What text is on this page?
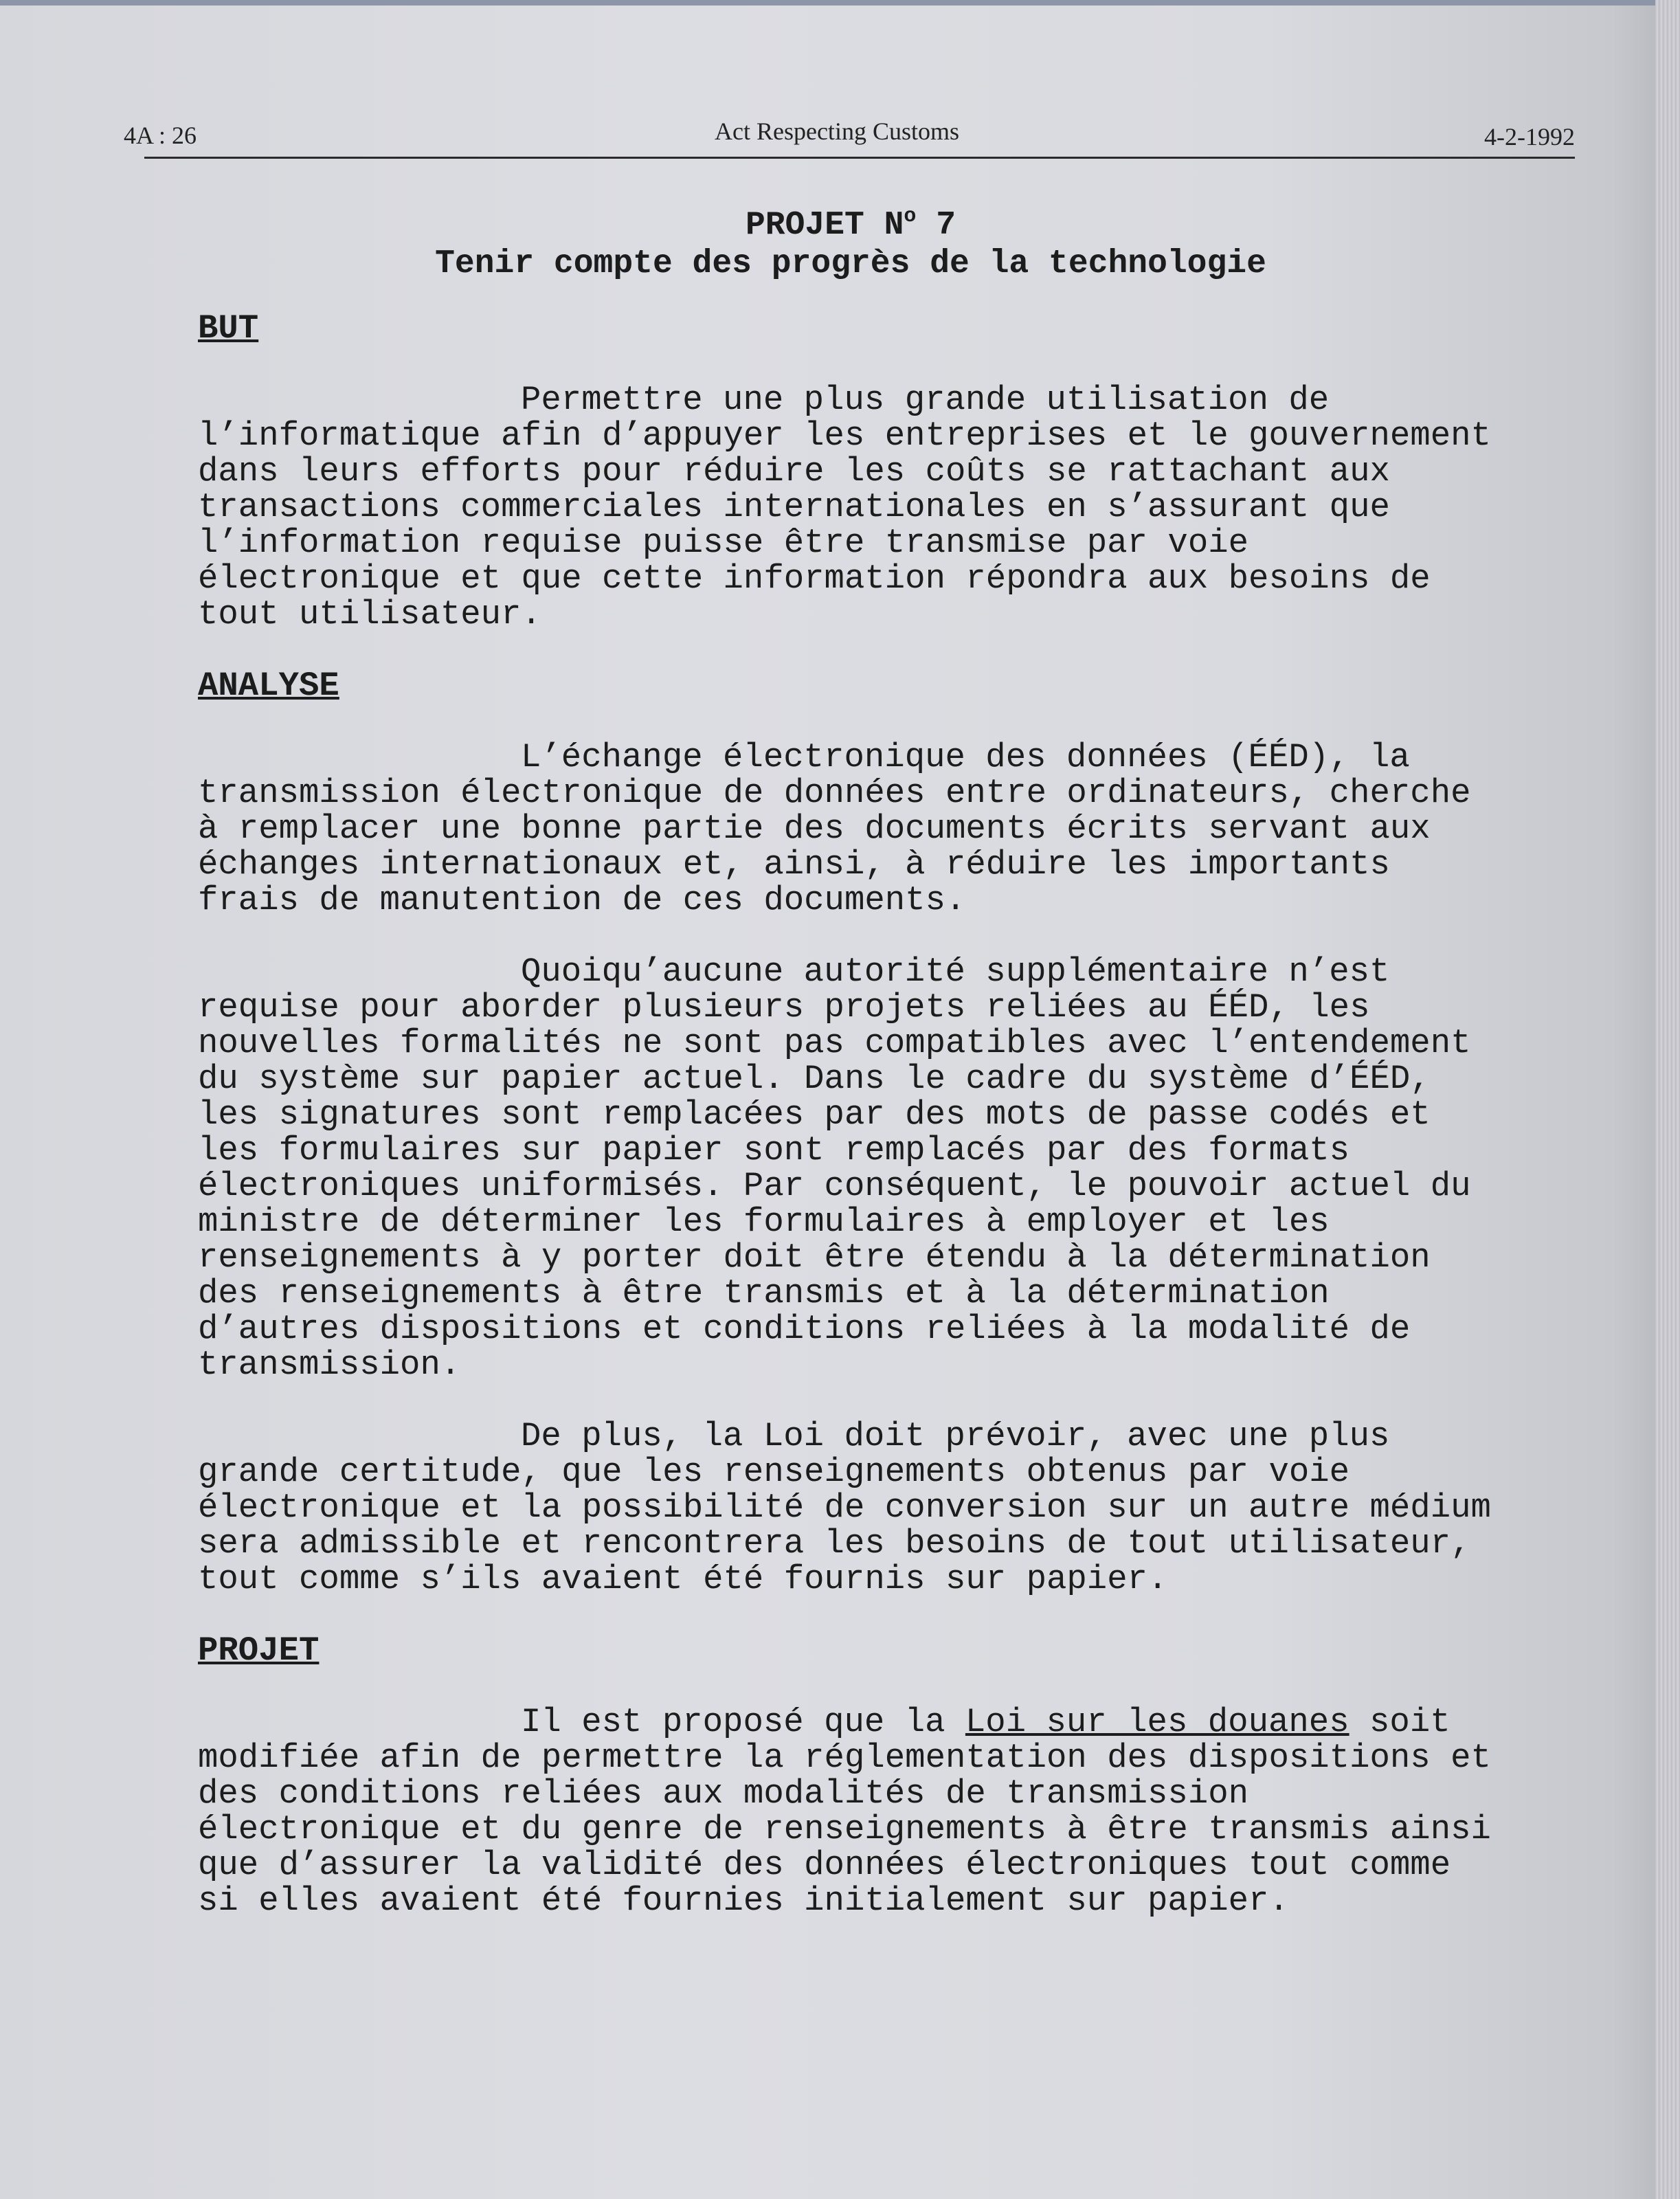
4A : 26	Act Respecting Customs	4-2-1992
PROJET $N^o$ 7
Tenir compte des progrès de la technologie

BUT

Permettre une plus grande utilisation de l’informatique afin d’appuyer les entreprises et le gouvernement dans leurs efforts pour réduire les coûts se rattachant aux transactions commerciales internationales en s’assurant que l’information requise puisse être transmise par voie électronique et que cette information répondra aux besoins de tout utilisateur.

ANALYSE

L’échange électronique des données (ÉÉD), la transmission électronique de données entre ordinateurs, cherche à remplacer une bonne partie des documents écrits servant aux échanges internationaux et, ainsi, à réduire les importants frais de manutention de ces documents.

Quoiqu’aucune autorité supplémentaire n’est requise pour aborder plusieurs projets reliées au ÉÉD, les nouvelles formalités ne sont pas compatibles avec l’entendement du système sur papier actuel. Dans le cadre du système d’ÉÉD, les signatures sont remplacées par des mots de passe codés et les formulaires sur papier sont remplacés par des formats électroniques uniformisés. Par conséquent, le pouvoir actuel du ministre de déterminer les formulaires à employer et les renseignements à y porter doit être étendu à la détermination des renseignements à être transmis et à la détermination d’autres dispositions et conditions reliées à la modalité de transmission.

De plus, la Loi doit prévoir, avec une plus grande certitude, que les renseignements obtenus par voie électronique et la possibilité de conversion sur un autre médium sera admissible et rencontrera les besoins de tout utilisateur, tout comme s’ils avaient été fournis sur papier.

PROJET

Il est proposé que la Loi sur les douanes soit modifiée afin de permettre la réglementation des dispositions et des conditions reliées aux modalités de transmission électronique et du genre de renseignements à être transmis ainsi que d’assurer la validité des données électroniques tout comme si elles avaient été fournies initialement sur papier.
